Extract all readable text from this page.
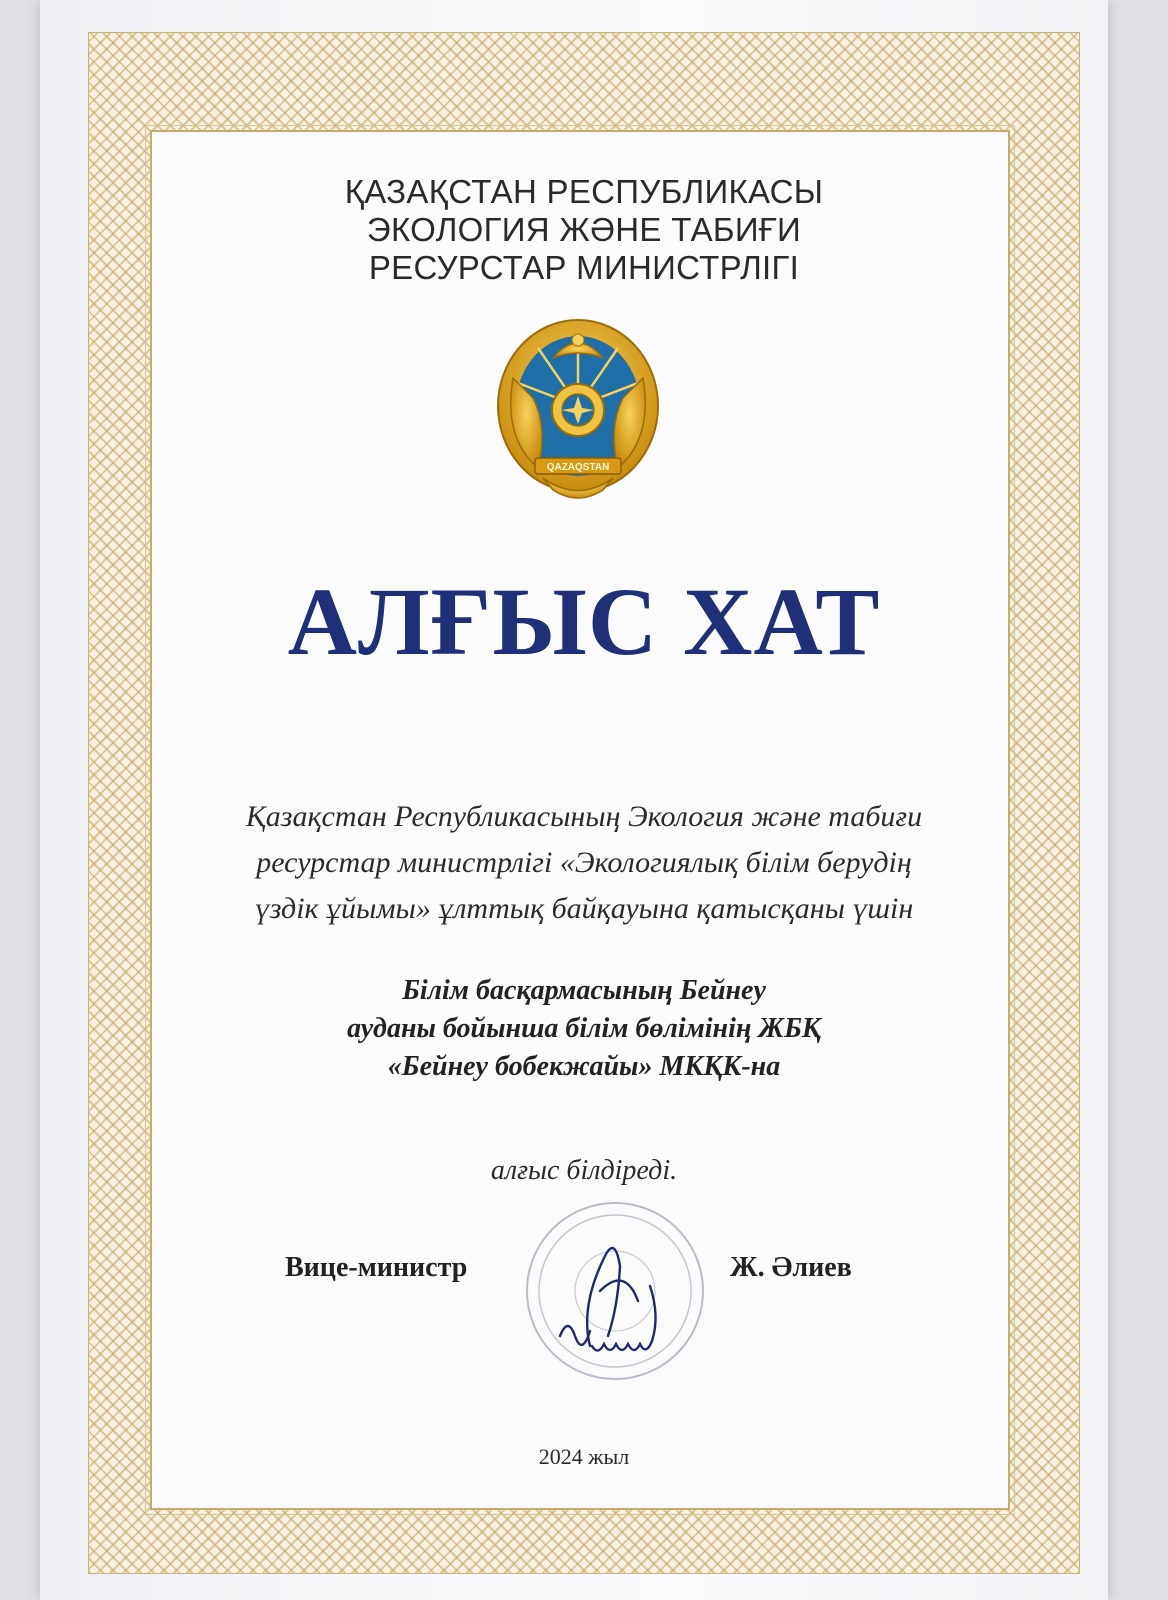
ҚАЗАҚСТАН РЕСПУБЛИКАСЫ
ЭКОЛОГИЯ ЖӘНЕ ТАБИҒИ
РЕСУРСТАР МИНИСТРЛІГІ
QAZAQSTAN
АЛҒЫС ХАТ
Қазақстан Республикасының Экология және табиғи
ресурстар министрлігі «Экологиялық білім берудің
үздік ұйымы» ұлттық байқауына қатысқаны үшін
Білім басқармасының Бейнеу
ауданы бойынша білім бөлімінің ЖБҚ
«Бейнеу бобекжайы» МКҚК-на
алғыс білдіреді.
Вице-министр	Ж. Әлиев
2024 жыл
